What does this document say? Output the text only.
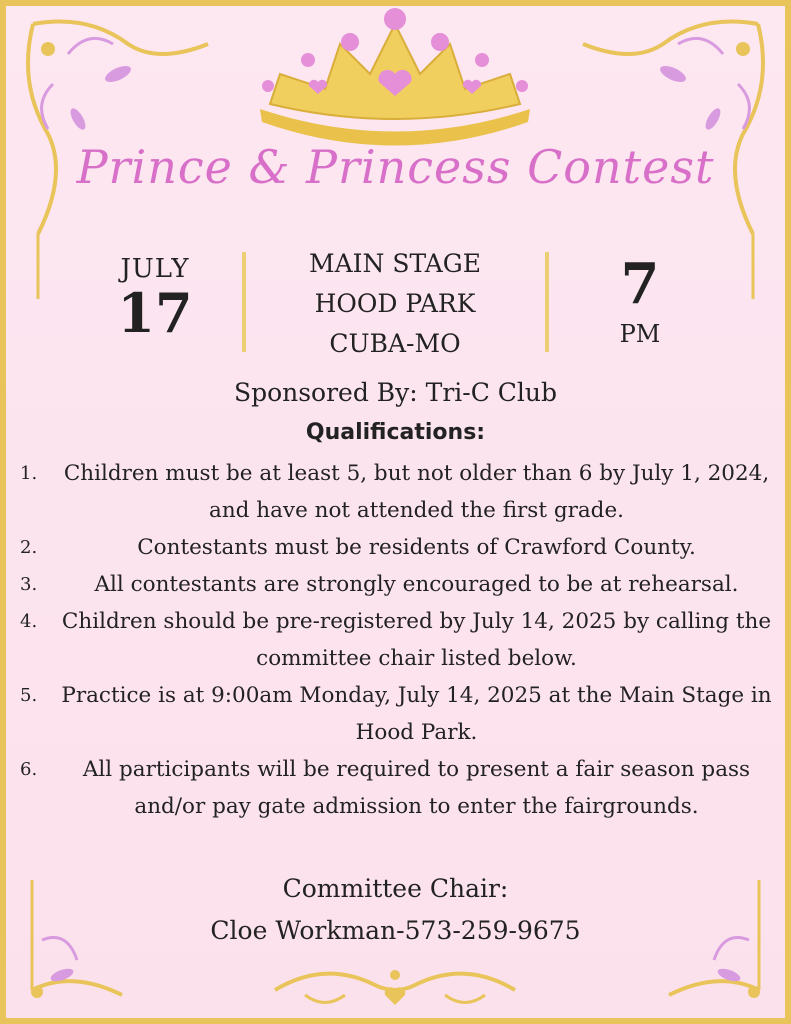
Prince & Princess Contest
JULY
17
MAIN STAGE
HOOD PARK
CUBA-MO
7
PM
Sponsored By: Tri-C Club
Qualifications:
1.	Children must be at least 5, but not older than 6 by July 1, 2024, and have not attended the first grade.
2.	Contestants must be residents of Crawford County.
3.	All contestants are strongly encouraged to be at rehearsal.
4.	Children should be pre-registered by July 14, 2025 by calling the committee chair listed below.
5.	Practice is at 9:00am Monday, July 14, 2025 at the Main Stage in Hood Park.
6.	All participants will be required to present a fair season pass and/or pay gate admission to enter the fairgrounds.
Committee Chair:
Cloe Workman-573-259-9675
